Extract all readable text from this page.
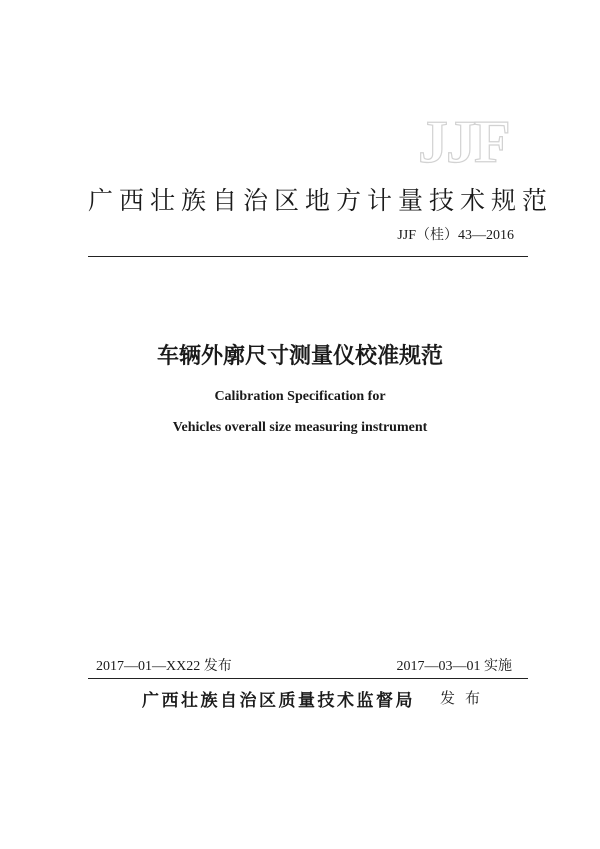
JJF
广西壮族自治区地方计量技术规范
JJF（桂）43—2016
车辆外廓尺寸测量仪校准规范
Calibration Specification for
Vehicles overall size measuring instrument
2017—01—XX22 发布	2017—03—01 实施
广西壮族自治区质量技术监督局 发布
